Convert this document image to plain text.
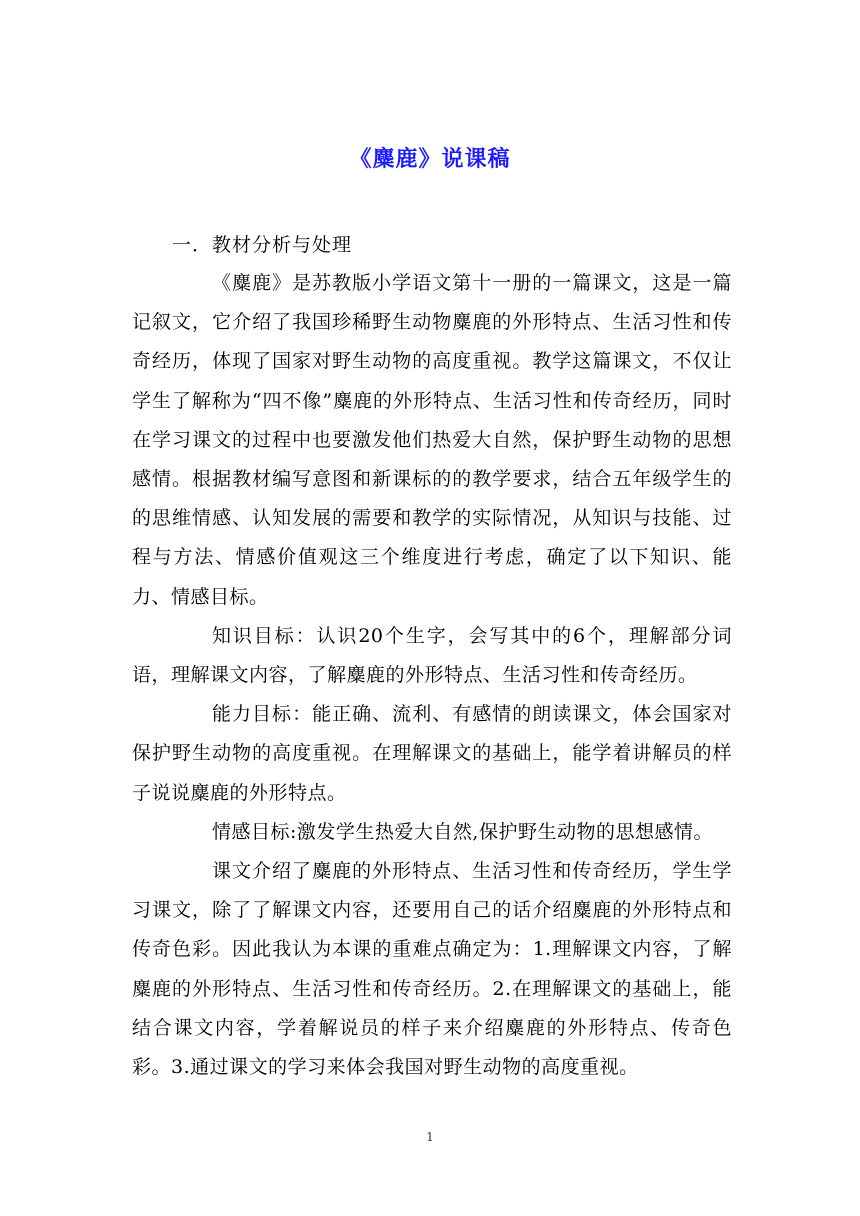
《麋鹿》说课稿
一．教材分析与处理

《麋鹿》是苏教版小学语文第十一册的一篇课文，这是一篇记叙文，它介绍了我国珍稀野生动物麋鹿的外形特点、生活习性和传奇经历，体现了国家对野生动物的高度重视。教学这篇课文，不仅让学生了解称为“四不像”麋鹿的外形特点、生活习性和传奇经历，同时在学习课文的过程中也要激发他们热爱大自然，保护野生动物的思想感情。根据教材编写意图和新课标的的教学要求，结合五年级学生的的思维情感、认知发展的需要和教学的实际情况，从知识与技能、过程与方法、情感价值观这三个维度进行考虑，确定了以下知识、能力、情感目标。

知识目标：认识20个生字，会写其中的6个，理解部分词语，理解课文内容，了解麋鹿的外形特点、生活习性和传奇经历。

能力目标：能正确、流利、有感情的朗读课文，体会国家对保护野生动物的高度重视。在理解课文的基础上，能学着讲解员的样子说说麋鹿的外形特点。

情感目标:激发学生热爱大自然,保护野生动物的思想感情。

课文介绍了麋鹿的外形特点、生活习性和传奇经历，学生学习课文，除了了解课文内容，还要用自己的话介绍麋鹿的外形特点和传奇色彩。因此我认为本课的重难点确定为：1.理解课文内容，了解麋鹿的外形特点、生活习性和传奇经历。2.在理解课文的基础上，能结合课文内容，学着解说员的样子来介绍麋鹿的外形特点、传奇色彩。3.通过课文的学习来体会我国对野生动物的高度重视。

1
